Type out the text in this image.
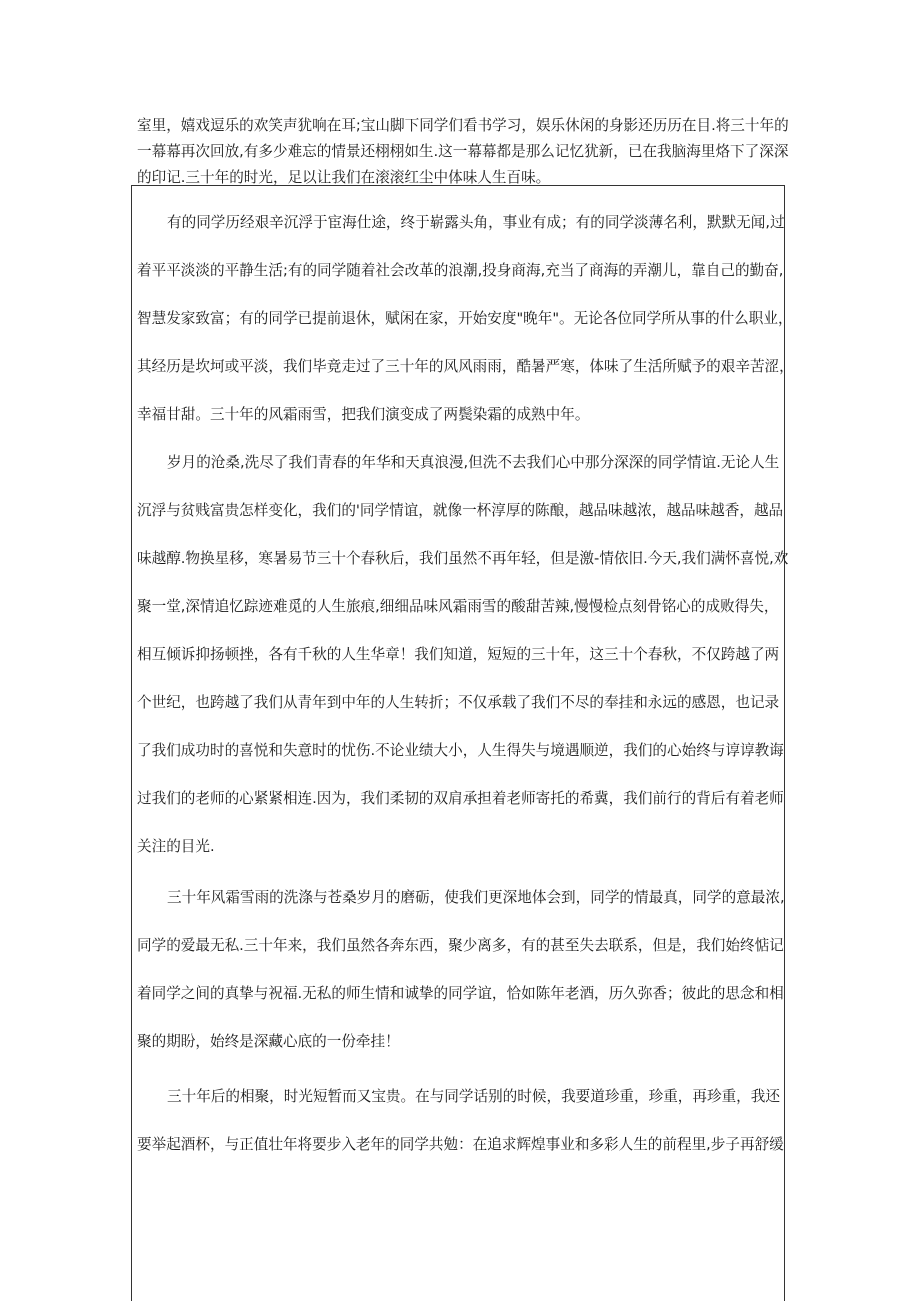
室里，嬉戏逗乐的欢笑声犹响在耳;宝山脚下同学们看书学习，娱乐休闲的身影还历历在目.将三十年的
一幕幕再次回放,有多少难忘的情景还栩栩如生.这一幕幕都是那么记忆犹新，已在我脑海里烙下了深深
的印记.三十年的时光，足以让我们在滚滚红尘中体味人生百味。
有的同学历经艰辛沉浮于宦海仕途，终于崭露头角，事业有成；有的同学淡薄名利，默默无闻,过
着平平淡淡的平静生活;有的同学随着社会改革的浪潮,投身商海,充当了商海的弄潮儿，靠自己的勤奋,
智慧发家致富；有的同学已提前退休，赋闲在家，开始安度"晚年"。无论各位同学所从事的什么职业，
其经历是坎坷或平淡，我们毕竟走过了三十年的风风雨雨，酷暑严寒，体味了生活所赋予的艰辛苦涩，
幸福甘甜。三十年的风霜雨雪，把我们演变成了两鬓染霜的成熟中年。
岁月的沧桑,洗尽了我们青春的年华和天真浪漫,但洗不去我们心中那分深深的同学情谊.无论人生
沉浮与贫贱富贵怎样变化，我们的'同学情谊，就像一杯淳厚的陈酿，越品味越浓，越品味越香，越品
味越醇.物换星移，寒暑易节三十个春秋后，我们虽然不再年轻，但是激-情依旧.今天,我们满怀喜悦,欢
聚一堂,深情追忆踪迹难觅的人生旅痕,细细品味风霜雨雪的酸甜苦辣,慢慢检点刻骨铭心的成败得失，
相互倾诉抑扬顿挫，各有千秋的人生华章！我们知道，短短的三十年，这三十个春秋，不仅跨越了两
个世纪，也跨越了我们从青年到中年的人生转折；不仅承载了我们不尽的奉挂和永远的感恩，也记录
了我们成功时的喜悦和失意时的忧伤.不论业绩大小，人生得失与境遇顺逆，我们的心始终与谆谆教诲
过我们的老师的心紧紧相连.因为，我们柔韧的双肩承担着老师寄托的希冀，我们前行的背后有着老师
关注的目光.
三十年风霜雪雨的洗涤与苍桑岁月的磨砺，使我们更深地体会到，同学的情最真，同学的意最浓,
同学的爱最无私.三十年来，我们虽然各奔东西，聚少离多，有的甚至失去联系，但是，我们始终惦记
着同学之间的真挚与祝福.无私的师生情和诚挚的同学谊，恰如陈年老酒，历久弥香；彼此的思念和相
聚的期盼，始终是深藏心底的一份牵挂！
三十年后的相聚，时光短暂而又宝贵。在与同学话别的时候，我要道珍重，珍重，再珍重，我还
要举起酒杯，与正值壮年将要步入老年的同学共勉：在追求辉煌事业和多彩人生的前程里,步子再舒缓
